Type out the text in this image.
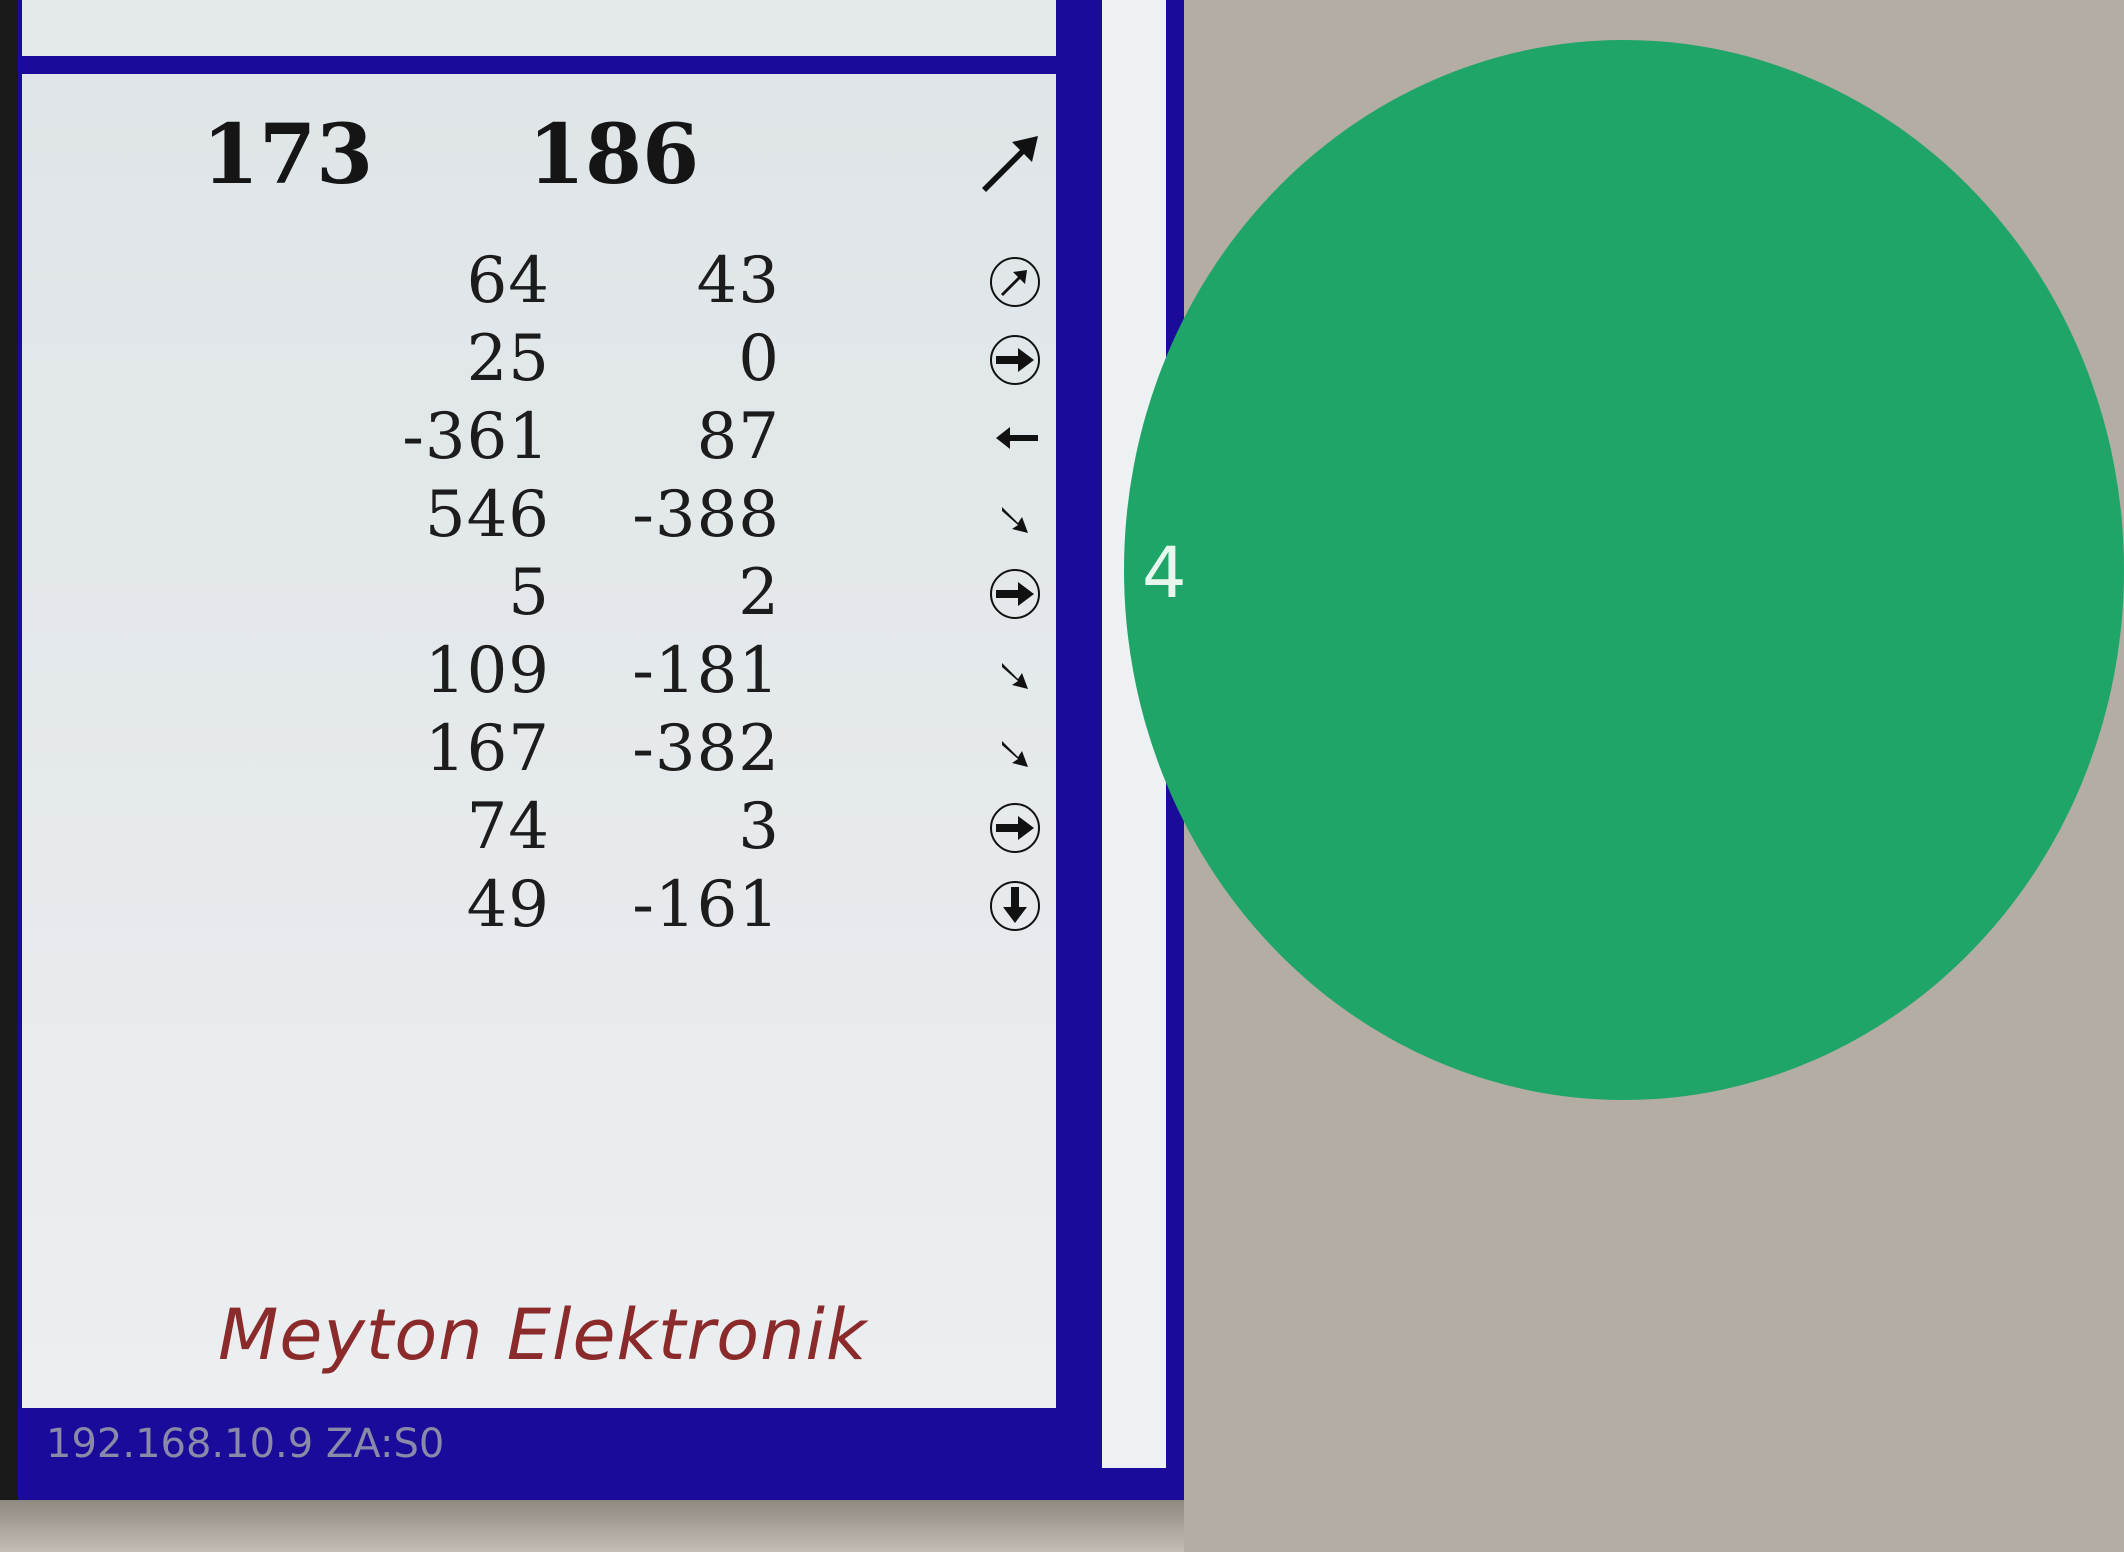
173 186
64	43
25	0
-361	87
546	-388
5	2
109	-181
167	-382
74	3
49	-161
Meyton Elektronik
4
192.168.10.9 ZA:S0
